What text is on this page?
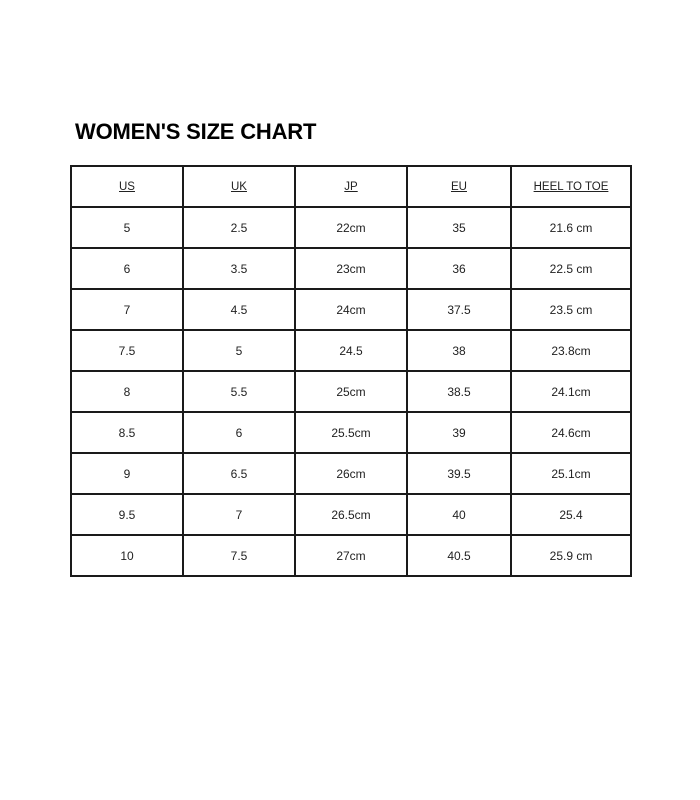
WOMEN'S SIZE CHART
US	UK	JP	EU	HEEL TO TOE
5	2.5	22cm	35	21.6 cm
6	3.5	23cm	36	22.5 cm
7	4.5	24cm	37.5	23.5 cm
7.5	5	24.5	38	23.8cm
8	5.5	25cm	38.5	24.1cm
8.5	6	25.5cm	39	24.6cm
9	6.5	26cm	39.5	25.1cm
9.5	7	26.5cm	40	25.4
10	7.5	27cm	40.5	25.9 cm
